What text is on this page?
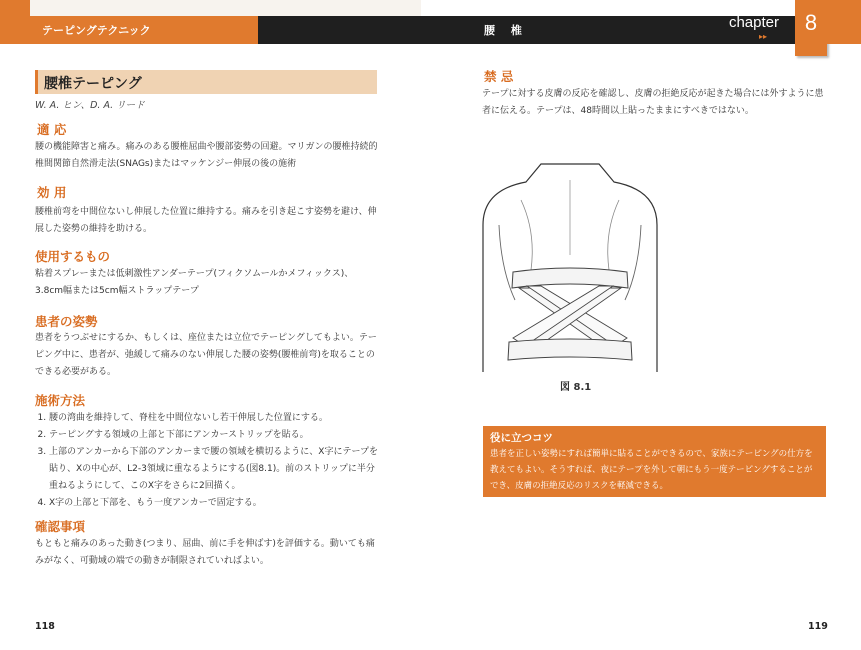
テーピングテクニック	腰 椎	chapter
▸▸
8
腰椎テーピング
W. A. ヒン、D. A. リード
適 応
腰の機能障害と痛み。痛みのある腰椎屈曲や腰部姿勢の回避。マリガンの腰椎持続的椎間関節自然滑走法(SNAGs)またはマッケンジー伸展の後の施術
効 用
腰椎前弯を中間位ないし伸展した位置に維持する。痛みを引き起こす姿勢を避け、伸展した姿勢の維持を助ける。
使用するもの
粘着スプレーまたは低刺激性アンダーテープ(フィクソムールかメフィックス)、3.8cm幅または5cm幅ストラップテープ
患者の姿勢
患者をうつぶせにするか、もしくは、座位または立位でテーピングしてもよい。テーピング中に、患者が、弛緩して痛みのない伸展した腰の姿勢(腰椎前弯)を取ることのできる必要がある。
施術方法
1. 腰の湾曲を維持して、脊柱を中間位ないし若干伸展した位置にする。
2. テーピングする領域の上部と下部にアンカーストリップを貼る。
3. 上部のアンカーから下部のアンカーまで腰の領域を横切るように、X字にテープを貼り、Xの中心が、L2-3領域に重なるようにする(図8.1)。前のストリップに半分重ねるようにして、このX字をさらに2回描く。
4. X字の上部と下部を、もう一度アンカーで固定する。
確認事項
もともと痛みのあった動き(つまり、屈曲、前に手を伸ばす)を評価する。動いても痛みがなく、可動域の端での動きが制限されていればよい。
118
禁 忌
テープに対する皮膚の反応を確認し、皮膚の拒絶反応が起きた場合には外すように患者に伝える。テープは、48時間以上貼ったままにすべきではない。
図 8.1
役に立つコツ
患者を正しい姿勢にすれば簡単に貼ることができるので、家族にテーピングの仕方を教えてもよい。そうすれば、夜にテープを外して朝にもう一度テーピングすることができ、皮膚の拒絶反応のリスクを軽減できる。
119
